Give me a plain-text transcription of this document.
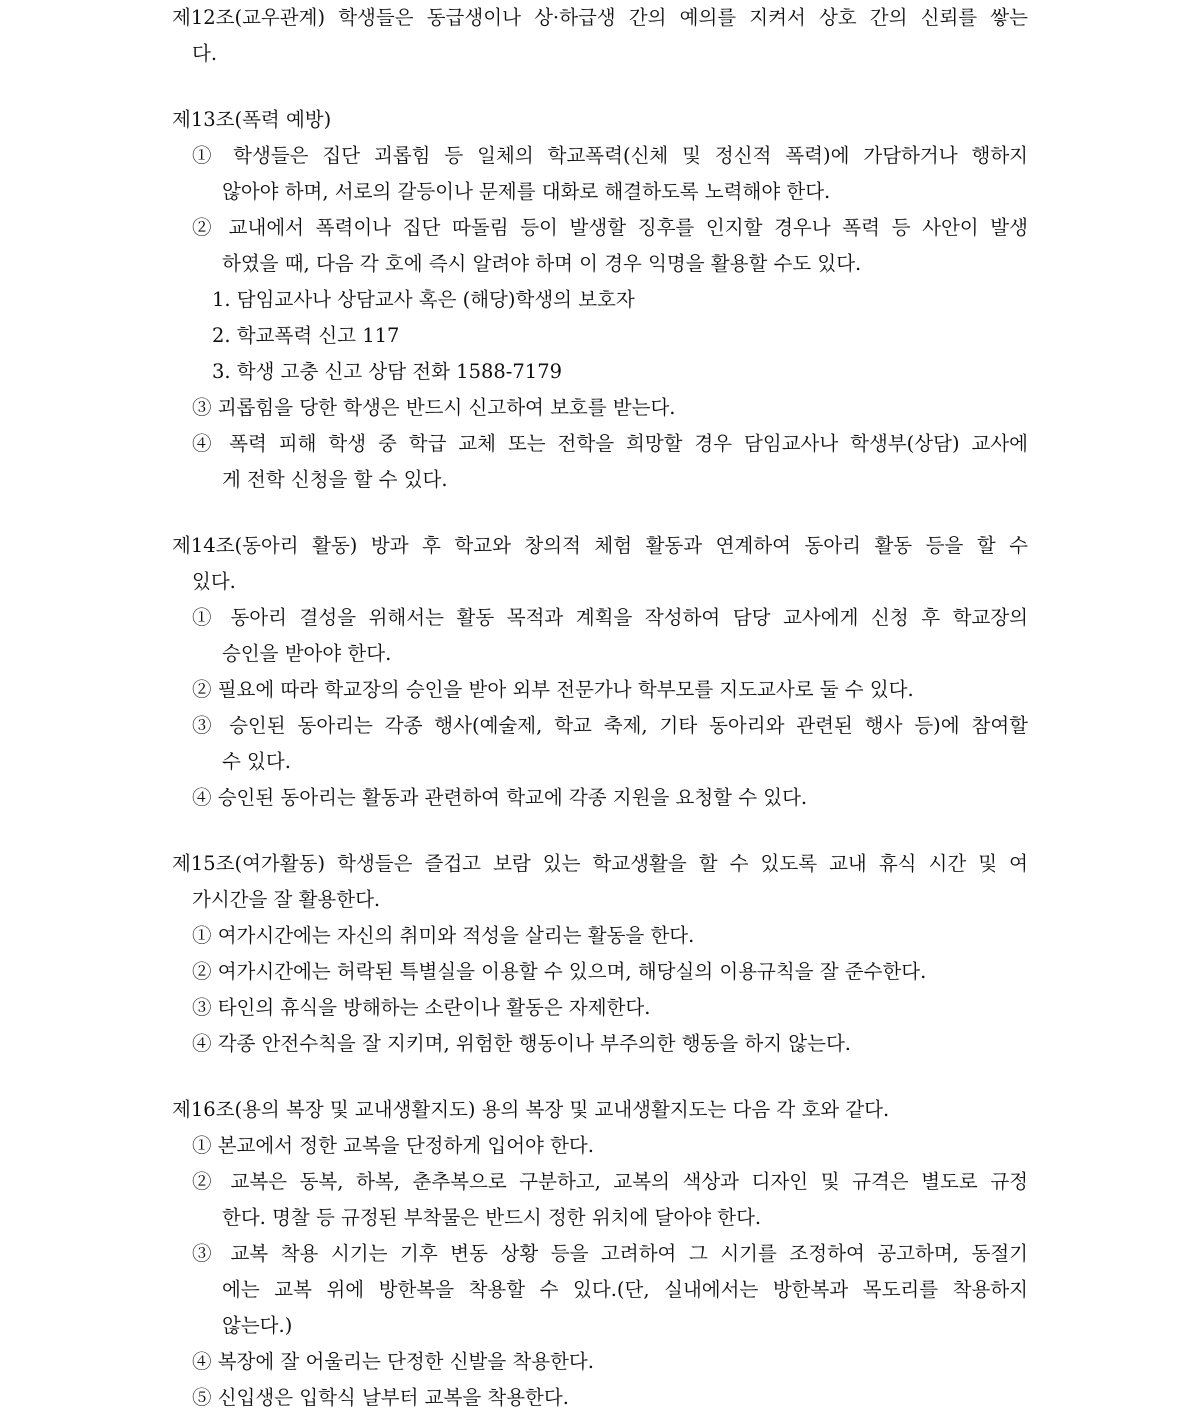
제12조(교우관계) 학생들은 동급생이나 상·하급생 간의 예의를 지켜서 상호 간의 신뢰를 쌓는
다.
제13조(폭력 예방)
① 학생들은 집단 괴롭힘 등 일체의 학교폭력(신체 및 정신적 폭력)에 가담하거나 행하지
않아야 하며, 서로의 갈등이나 문제를 대화로 해결하도록 노력해야 한다.
② 교내에서 폭력이나 집단 따돌림 등이 발생할 징후를 인지할 경우나 폭력 등 사안이 발생
하였을 때, 다음 각 호에 즉시 알려야 하며 이 경우 익명을 활용할 수도 있다.
1. 담임교사나 상담교사 혹은 (해당)학생의 보호자
2. 학교폭력 신고 117
3. 학생 고충 신고 상담 전화 1588-7179
③ 괴롭힘을 당한 학생은 반드시 신고하여 보호를 받는다.
④ 폭력 피해 학생 중 학급 교체 또는 전학을 희망할 경우 담임교사나 학생부(상담) 교사에
게 전학 신청을 할 수 있다.
제14조(동아리 활동) 방과 후 학교와 창의적 체험 활동과 연계하여 동아리 활동 등을 할 수
있다.
① 동아리 결성을 위해서는 활동 목적과 계획을 작성하여 담당 교사에게 신청 후 학교장의
승인을 받아야 한다.
② 필요에 따라 학교장의 승인을 받아 외부 전문가나 학부모를 지도교사로 둘 수 있다.
③ 승인된 동아리는 각종 행사(예술제, 학교 축제, 기타 동아리와 관련된 행사 등)에 참여할
수 있다.
④ 승인된 동아리는 활동과 관련하여 학교에 각종 지원을 요청할 수 있다.
제15조(여가활동) 학생들은 즐겁고 보람 있는 학교생활을 할 수 있도록 교내 휴식 시간 및 여
가시간을 잘 활용한다.
① 여가시간에는 자신의 취미와 적성을 살리는 활동을 한다.
② 여가시간에는 허락된 특별실을 이용할 수 있으며, 해당실의 이용규칙을 잘 준수한다.
③ 타인의 휴식을 방해하는 소란이나 활동은 자제한다.
④ 각종 안전수칙을 잘 지키며, 위험한 행동이나 부주의한 행동을 하지 않는다.
제16조(용의 복장 및 교내생활지도) 용의 복장 및 교내생활지도는 다음 각 호와 같다.
① 본교에서 정한 교복을 단정하게 입어야 한다.
② 교복은 동복, 하복, 춘추복으로 구분하고, 교복의 색상과 디자인 및 규격은 별도로 규정
한다. 명찰 등 규정된 부착물은 반드시 정한 위치에 달아야 한다.
③ 교복 착용 시기는 기후 변동 상황 등을 고려하여 그 시기를 조정하여 공고하며, 동절기
에는 교복 위에 방한복을 착용할 수 있다.(단, 실내에서는 방한복과 목도리를 착용하지
않는다.)
④ 복장에 잘 어울리는 단정한 신발을 착용한다.
⑤ 신입생은 입학식 날부터 교복을 착용한다.
